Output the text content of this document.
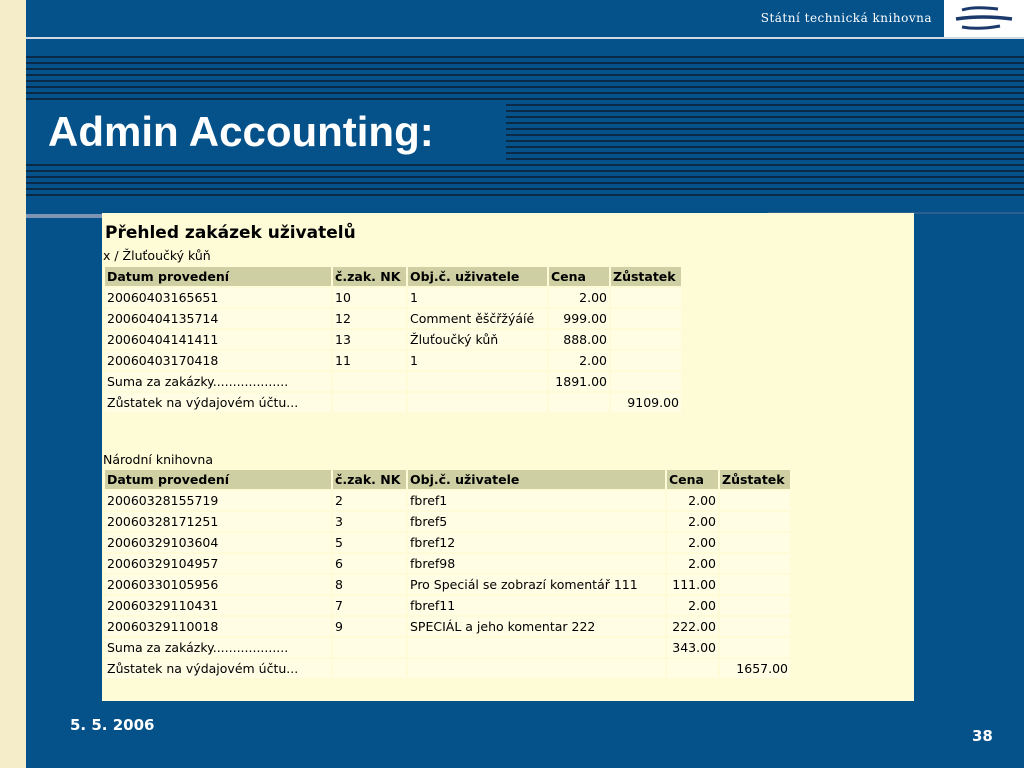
Státní technická knihovna
Admin Accounting:
Přehled zakázek uživatelů
x / Žluťoučký kůň
Datum provedení	č.zak. NK	Obj.č. uživatele	Cena	Zůstatek
20060403165651	10	1	2.00	
20060404135714	12	Comment ěščřžýáíé	999.00	
20060404141411	13	Žluťoučký kůň	888.00	
20060403170418	11	1	2.00	
Suma za zakázky...................			1891.00	
Zůstatek na výdajovém účtu...				9109.00
Národní knihovna
Datum provedení	č.zak. NK	Obj.č. uživatele	Cena	Zůstatek
20060328155719	2	fbref1	2.00	
20060328171251	3	fbref5	2.00	
20060329103604	5	fbref12	2.00	
20060329104957	6	fbref98	2.00	
20060330105956	8	Pro Speciál se zobrazí komentář 111	111.00	
20060329110431	7	fbref11	2.00	
20060329110018	9	SPECIÁL a jeho komentar 222	222.00	
Suma za zakázky...................			343.00	
Zůstatek na výdajovém účtu...				1657.00
5. 5. 2006
38
